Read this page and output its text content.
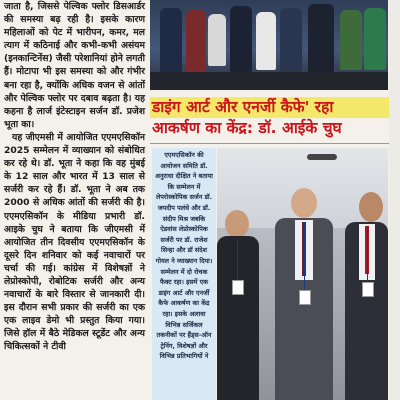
जाता है, जिससे पेल्विक फ्लोर डिसआर्डर की समस्या बढ़ रही है। इसके कारण महिलाओं को पेट में भारीपन, कमर, मल त्याग में कठिनाई और कभी-कभी असंयम (इनकान्टिनेंस) जैसी परेशानियां होने लगती हैं। मोटापा भी इस समस्या को और गंभीर बना रहा है, क्योंकि अधिक वजन से आंतों और पेल्विक फ्लोर पर दबाव बढ़ता है। यह कहना है लार्ज इंटेस्टाइन सर्जन डॉ. प्रजेश भूता का।

यह जीएमसी में आयोजित एएमएसिकॉन 2025 सम्मेलन में व्याख्यान को संबोधित कर रहे थे। डॉ. भूता ने कहा कि वह मुंबई के 12 साल और भारत में 13 साल से सर्जरी कर रहे हैं। डॉ. भूता ने अब तक 2000 से अधिक आंतों की सर्जरी की है। एएमएसिकॉन के मीडिया प्रभारी डॉ. आइके चुघ ने बताया कि जीएमसी में आयोजित तीन दिवसीय एएमएसिकॉन के दूसरे दिन शनिवार को कई नवाचारों पर चर्चा की गई। कांग्रेस में विशेषज्ञों ने लेप्रोस्कोपी, रोबोटिक सर्जरी और अन्य नवाचारों के बारे विस्तार से जानकारी दी। इस दौरान सभी प्रकार की सर्जरी का एक एक लाइव डेमो भी प्रस्तुत किया गया। जिसे हॉल में बैठे मेडिकल स्टूडेंट और अन्य चिकित्सकों ने टीवी

डाइंग आर्ट और एनर्जी कैफे' रहा
आकर्षण का केंद्र: डॉ. आईके चुघ
एएमएसिकॉन की आयोजन समिति डॉ. अनुराधा दीक्षित ने बताया कि सम्मेलन में लेपरोस्कोपिक सर्जन डॉ. जयदीप पलंधे और डॉ. संदीप मिश्र जबकि ऐडवांस लेप्रोस्कोपिक सर्जरी पर डॉ. राजेश सिन्हा और डॉ संदेश गोयल ने व्याख्यान दिया। सम्मेलन में दो रोचक फैक्ट रहा। इसमें एक डाइंग आर्ट और एनर्जी कैफे आकर्षण का केंद्र रहा। इसके अलावा विभिन्न सर्जिकल तकनीकों पर हैंड्स-ऑन ट्रेनिंग, विशेषज्ञों और विभिन्न प्रतिभागियों ने
